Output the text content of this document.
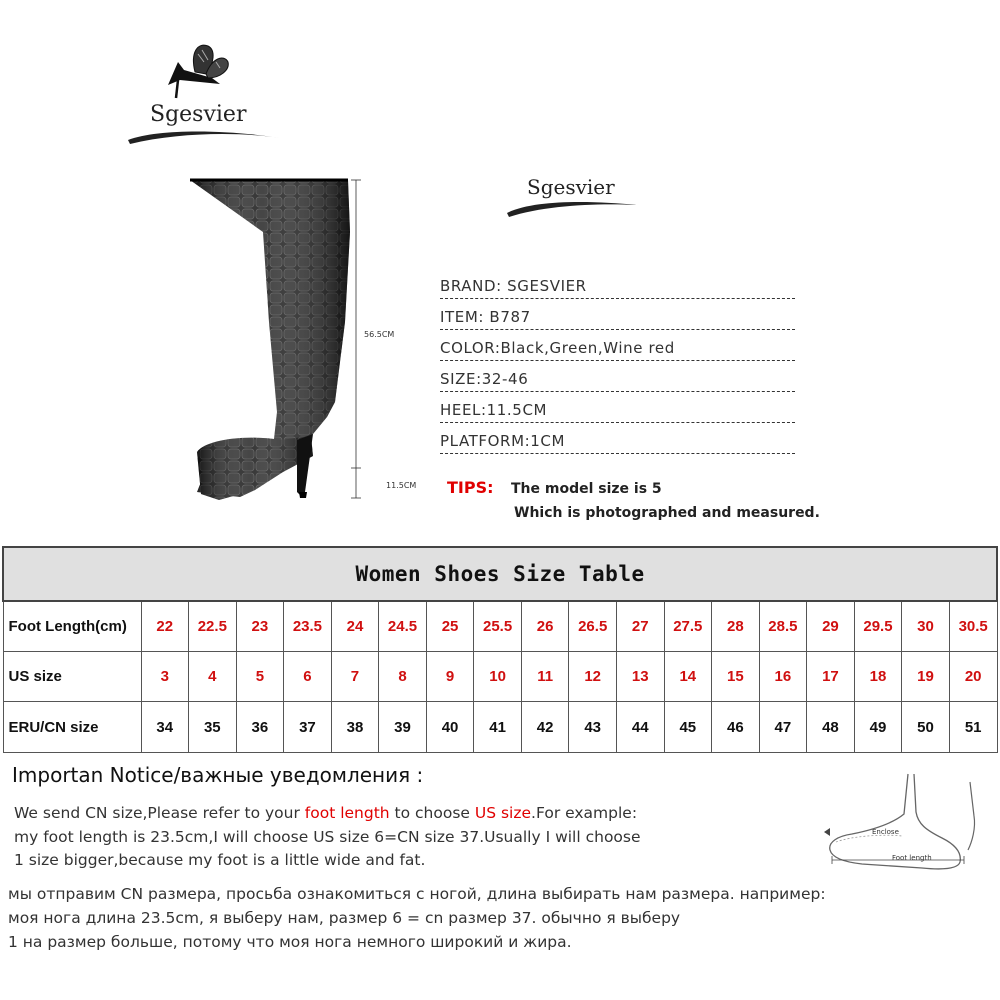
Sgesvier
Sgesvier
56.5CM
11.5CM
BRAND: SGESVIER
ITEM: B787
COLOR:Black,Green,Wine red
SIZE:32-46
HEEL:11.5CM
PLATFORM:1CM
TIPS: The model size is 5
Which is photographed and measured.
Women Shoes Size Table																		
Foot Length(cm)	22	22.5	23	23.5	24	24.5	25	25.5	26	26.5	27	27.5	28	28.5	29	29.5	30	30.5
US size	3	4	5	6	7	8	9	10	11	12	13	14	15	16	17	18	19	20
ERU/CN size	34	35	36	37	38	39	40	41	42	43	44	45	46	47	48	49	50	51
Importan Notice/важные уведомления :
We send CN size,Please refer to your foot length to choose US size.For example:
my foot length is 23.5cm,I will choose US size 6=CN size 37.Usually I will choose
1 size bigger,because my foot is a little wide and fat.
мы отправим CN размера, просьба ознакомиться с ногой, длина выбирать нам размера. например:
моя нога длина 23.5cm, я выберу нам, размер 6 = cn размер 37. обычно я выберу
1 на размер больше, потому что моя нога немного широкий и жира.
Enclose
Foot length
